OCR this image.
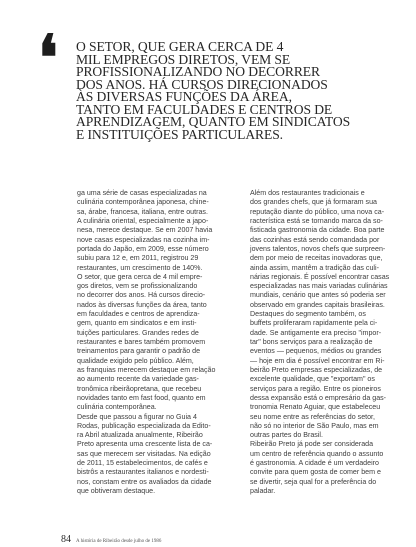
❛ O SETOR, QUE GERA CERCA DE 4
MIL EMPREGOS DIRETOS, VEM SE
PROFISSIONALIZANDO NO DECORRER
DOS ANOS. HÁ CURSOS DIRECIONADOS
ÀS DIVERSAS FUNÇÕES DA ÁREA,
TANTO EM FACULDADES E CENTROS DE
APRENDIZAGEM, QUANTO EM SINDICATOS
E INSTITUIÇÕES PARTICULARES.
ga uma série de casas especializadas na
culinária contemporânea japonesa, chine-
sa, árabe, francesa, italiana, entre outras.
A culinária oriental, especialmente a japo-
nesa, merece destaque. Se em 2007 havia
nove casas especializadas na cozinha im-
portada do Japão, em 2009, esse número
subiu para 12 e, em 2011, registrou 29
restaurantes, um crescimento de 140%.
O setor, que gera cerca de 4 mil empre-
gos diretos, vem se profissionalizando
no decorrer dos anos. Há cursos direcio-
nados às diversas funções da área, tanto
em faculdades e centros de aprendiza-
gem, quanto em sindicatos e em insti-
tuições particulares. Grandes redes de
restaurantes e bares também promovem
treinamentos para garantir o padrão de
qualidade exigido pelo público. Além,
as franquias merecem destaque em relação
ao aumento recente da variedade gas-
tronômica ribeirãopretana, que recebeu
novidades tanto em fast food, quanto em
culinária contemporânea.
Desde que passou a figurar no Guia 4
Rodas, publicação especializada da Edito-
ra Abril atualizada anualmente, Ribeirão
Preto apresenta uma crescente lista de ca-
sas que merecem ser visitadas. Na edição
de 2011, 15 estabelecimentos, de cafés e
bistrôs a restaurantes italianos e nordesti-
nos, constam entre os avaliados da cidade
que obtiveram destaque.
Além dos restaurantes tradicionais e
dos grandes chefs, que já formaram sua
reputação diante do público, uma nova ca-
racterística está se tornando marca da so-
fisticada gastronomia da cidade. Boa parte
das cozinhas está sendo comandada por
jovens talentos, novos chefs que surpreen-
dem por meio de receitas inovadoras que,
ainda assim, mantêm a tradição das culi-
nárias regionais. É possível encontrar casas
especializadas nas mais variadas culinárias
mundiais, cenário que antes só poderia ser
observado em grandes capitais brasileiras.
Destaques do segmento também, os
buffets proliferaram rapidamente pela ci-
dade. Se antigamente era preciso "impor-
tar" bons serviços para a realização de
eventos — pequenos, médios ou grandes
— hoje em dia é possível encontrar em Ri-
beirão Preto empresas especializadas, de
excelente qualidade, que "exportam" os
serviços para a região. Entre os pioneiros
dessa expansão está o empresário da gas-
tronomia Renato Aguiar, que estabeleceu
seu nome entre as referências do setor,
não só no interior de São Paulo, mas em
outras partes do Brasil.
Ribeirão Preto já pode ser considerada
um centro de referência quando o assunto
é gastronomia. A cidade é um verdadeiro
convite para quem gosta de comer bem e
se divertir, seja qual for a preferência do
paladar.
84 A história de Ribeirão desde julho de 1986
